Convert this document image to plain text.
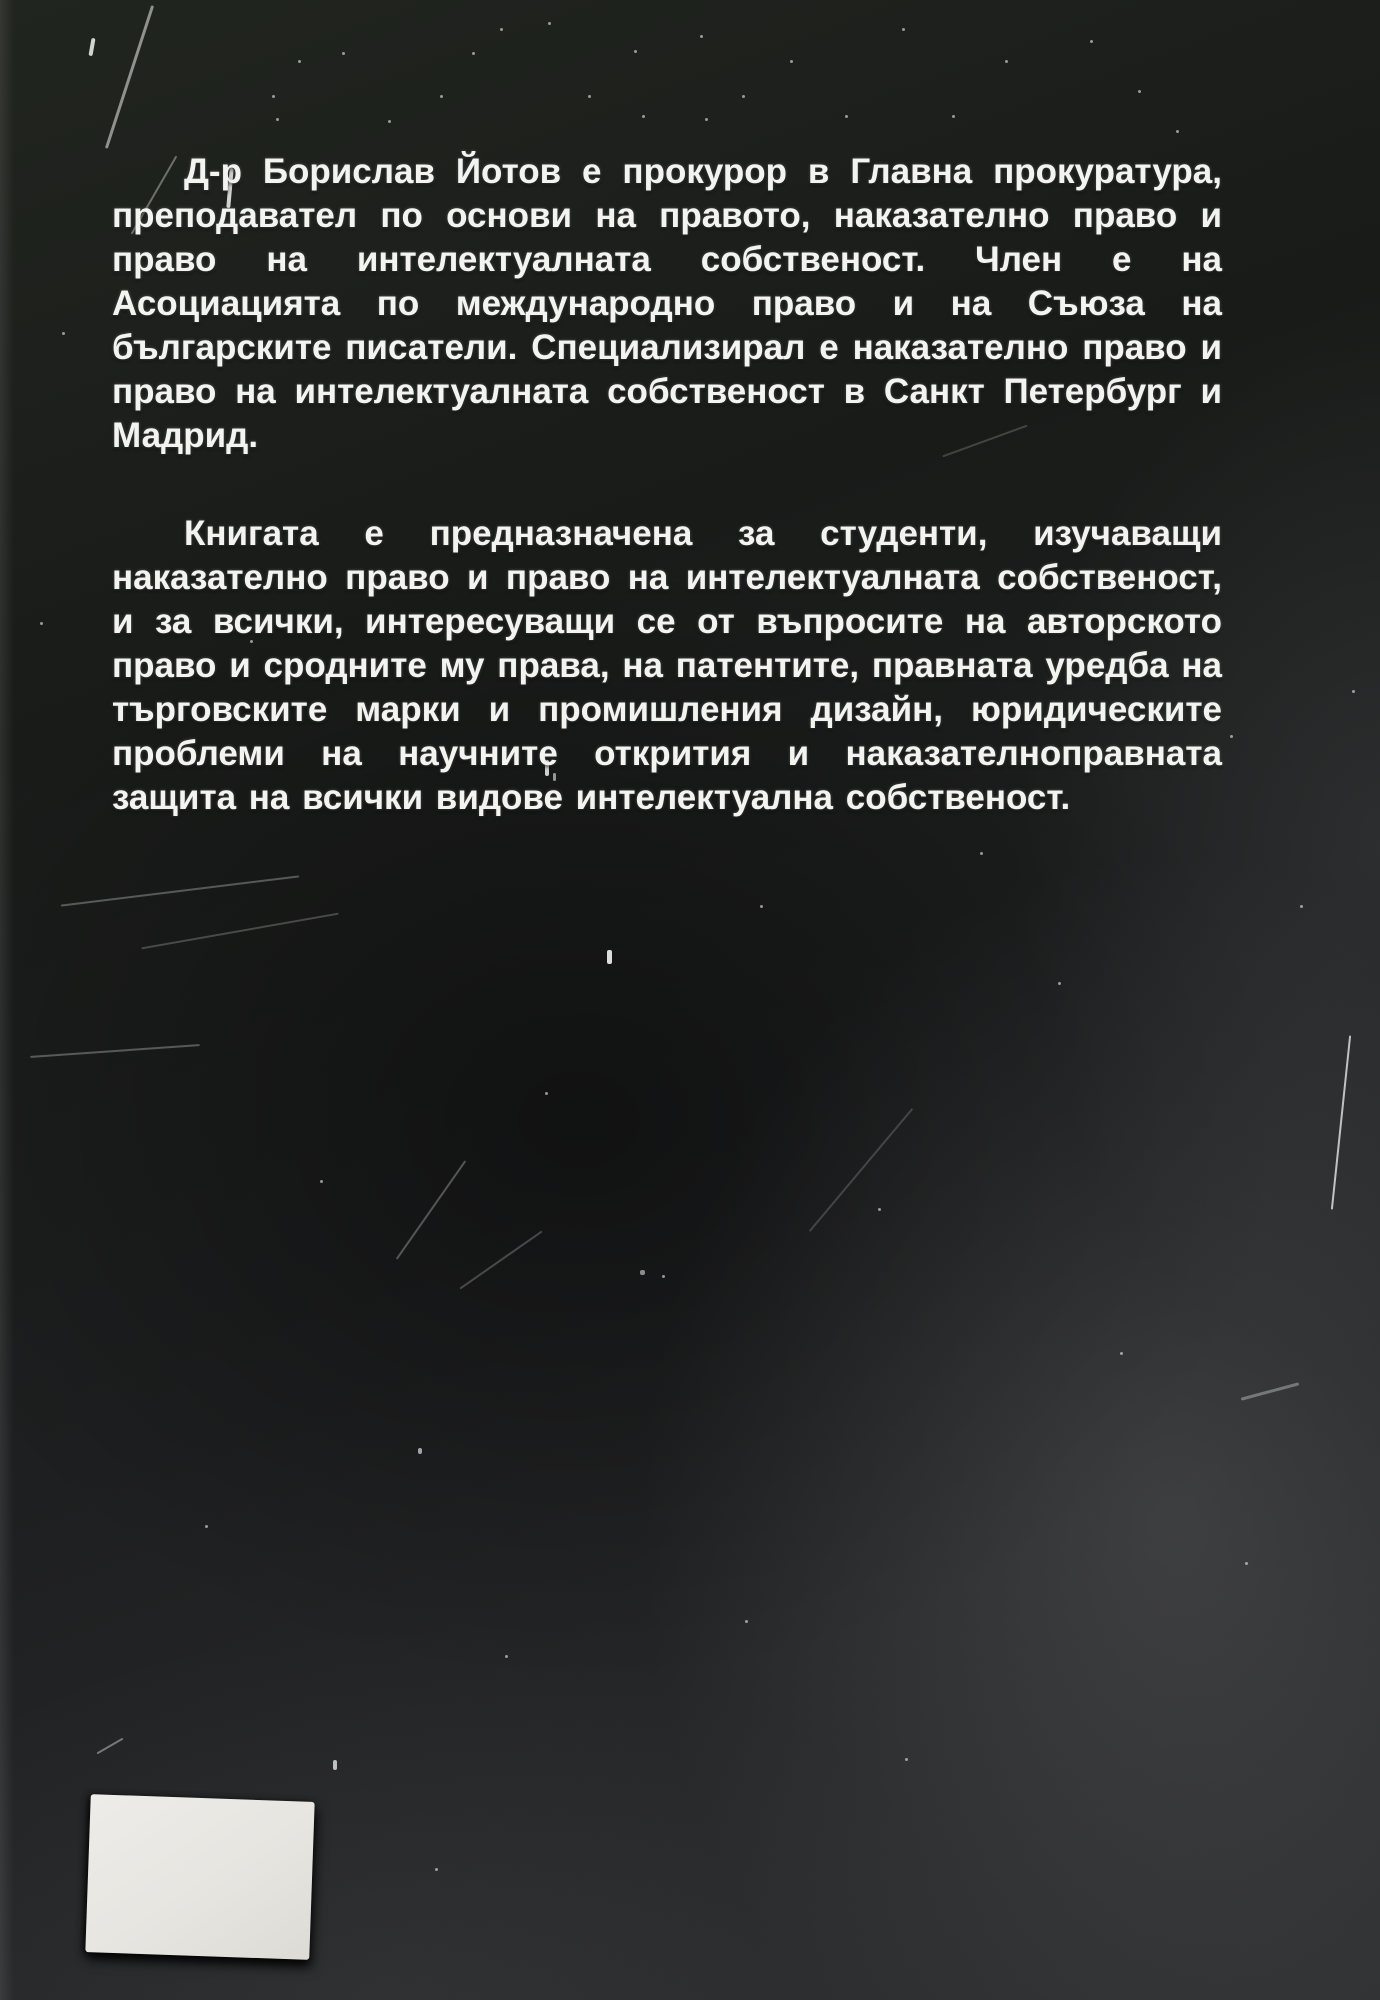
Д-р Борислав Йотов е прокурор в Главна прокуратура, преподавател по основи на правото, наказателно право и право на интелектуалната собственост. Член е на Асоциацията по международно право и на Съюза на българските писатели. Специализирал е наказателно право и право на интелектуалната собственост в Санкт Петербург и Мадрид.

Книгата е предназначена за студенти, изучаващи наказателно право и право на интелектуалната собственост, и за всички, интересуващи се от въпросите на авторското право и сродните му права, на патентите, правната уредба на търговските марки и промишления дизайн, юридическите проблеми на научните открития и наказателноправната защита на всички видове интелектуална собственост.
